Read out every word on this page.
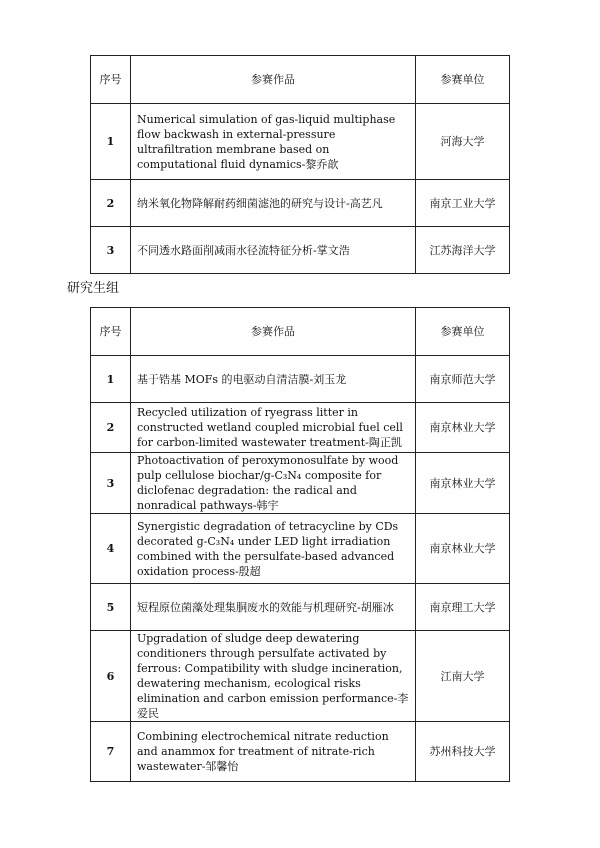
序号	参赛作品	参赛单位
1	Numerical simulation of gas-liquid multiphase flow backwash in external-pressure ultrafiltration membrane based on computational fluid dynamics-黎乔歆	河海大学
2	纳米氧化物降解耐药细菌滤池的研究与设计-高艺凡	南京工业大学
3	不同透水路面削减雨水径流特征分析-掌文浩	江苏海洋大学
研究生组
序号	参赛作品	参赛单位
1	基于锆基 MOFs 的电驱动自清洁膜-刘玉龙	南京师范大学
2	Recycled utilization of ryegrass litter in constructed wetland coupled microbial fuel cell for carbon-limited wastewater treatment-陶正凯	南京林业大学
3	Photoactivation of peroxymonosulfate by wood pulp cellulose biochar/g-C₃N₄ composite for diclofenac degradation: the radical and nonradical pathways-韩宇	南京林业大学
4	Synergistic degradation of tetracycline by CDs decorated g-C₃N₄ under LED light irradiation combined with the persulfate-based advanced oxidation process-殷超	南京林业大学
5	短程原位菌藻处理集胴废水的效能与机理研究-胡雁冰	南京理工大学
6	Upgradation of sludge deep dewatering conditioners through persulfate activated by ferrous: Compatibility with sludge incineration, dewatering mechanism, ecological risks elimination and carbon emission performance-李爱民	江南大学
7	Combining electrochemical nitrate reduction and anammox for treatment of nitrate-rich wastewater-邹馨怡	苏州科技大学
